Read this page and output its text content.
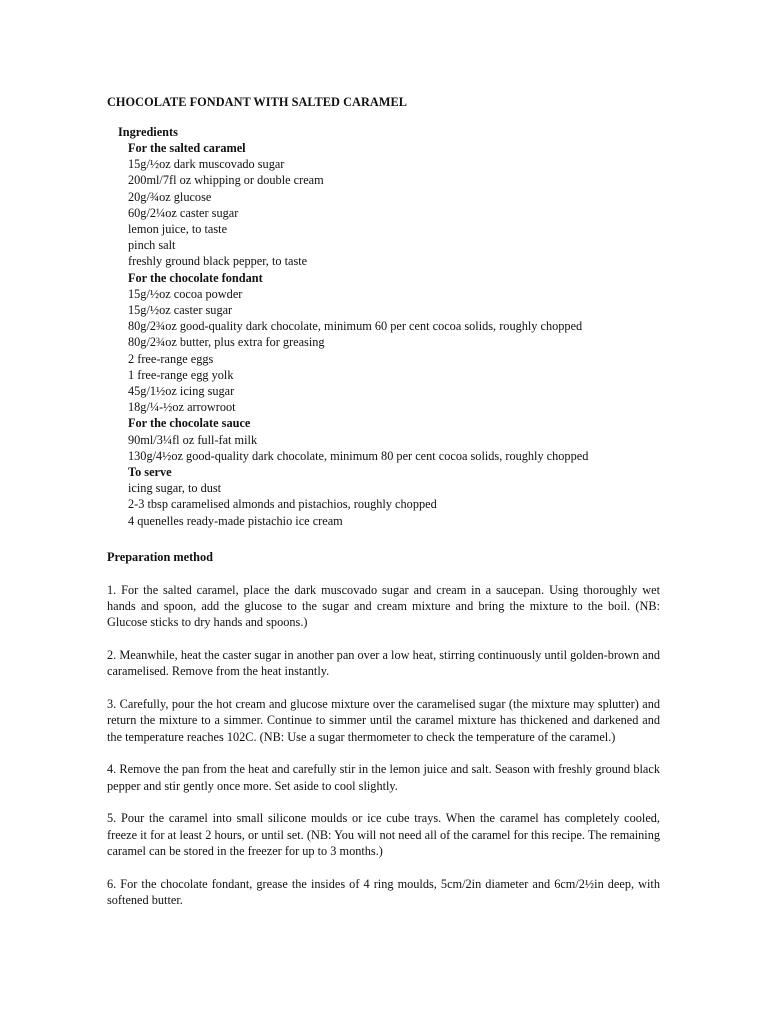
CHOCOLATE FONDANT WITH SALTED CARAMEL
Ingredients
For the salted caramel
15g/½oz dark muscovado sugar
200ml/7fl oz whipping or double cream
20g/¾oz glucose
60g/2¼oz caster sugar
lemon juice, to taste
pinch salt
freshly ground black pepper, to taste
For the chocolate fondant
15g/½oz cocoa powder
15g/½oz caster sugar
80g/2¾oz good-quality dark chocolate, minimum 60 per cent cocoa solids, roughly chopped
80g/2¾oz butter, plus extra for greasing
2 free-range eggs
1 free-range egg yolk
45g/1½oz icing sugar
18g/¼-½oz arrowroot
For the chocolate sauce
90ml/3¼fl oz full-fat milk
130g/4½oz good-quality dark chocolate, minimum 80 per cent cocoa solids, roughly chopped
To serve
icing sugar, to dust
2-3 tbsp caramelised almonds and pistachios, roughly chopped
4 quenelles ready-made pistachio ice cream
Preparation method
1. For the salted caramel, place the dark muscovado sugar and cream in a saucepan. Using thoroughly wet hands and spoon, add the glucose to the sugar and cream mixture and bring the mixture to the boil. (NB: Glucose sticks to dry hands and spoons.)
2. Meanwhile, heat the caster sugar in another pan over a low heat, stirring continuously until golden-brown and caramelised. Remove from the heat instantly.
3. Carefully, pour the hot cream and glucose mixture over the caramelised sugar (the mixture may splutter) and return the mixture to a simmer. Continue to simmer until the caramel mixture has thickened and darkened and the temperature reaches 102C. (NB: Use a sugar thermometer to check the temperature of the caramel.)
4. Remove the pan from the heat and carefully stir in the lemon juice and salt. Season with freshly ground black pepper and stir gently once more. Set aside to cool slightly.
5. Pour the caramel into small silicone moulds or ice cube trays. When the caramel has completely cooled, freeze it for at least 2 hours, or until set. (NB: You will not need all of the caramel for this recipe. The remaining caramel can be stored in the freezer for up to 3 months.)
6. For the chocolate fondant, grease the insides of 4 ring moulds, 5cm/2in diameter and 6cm/2½in deep, with softened butter.
